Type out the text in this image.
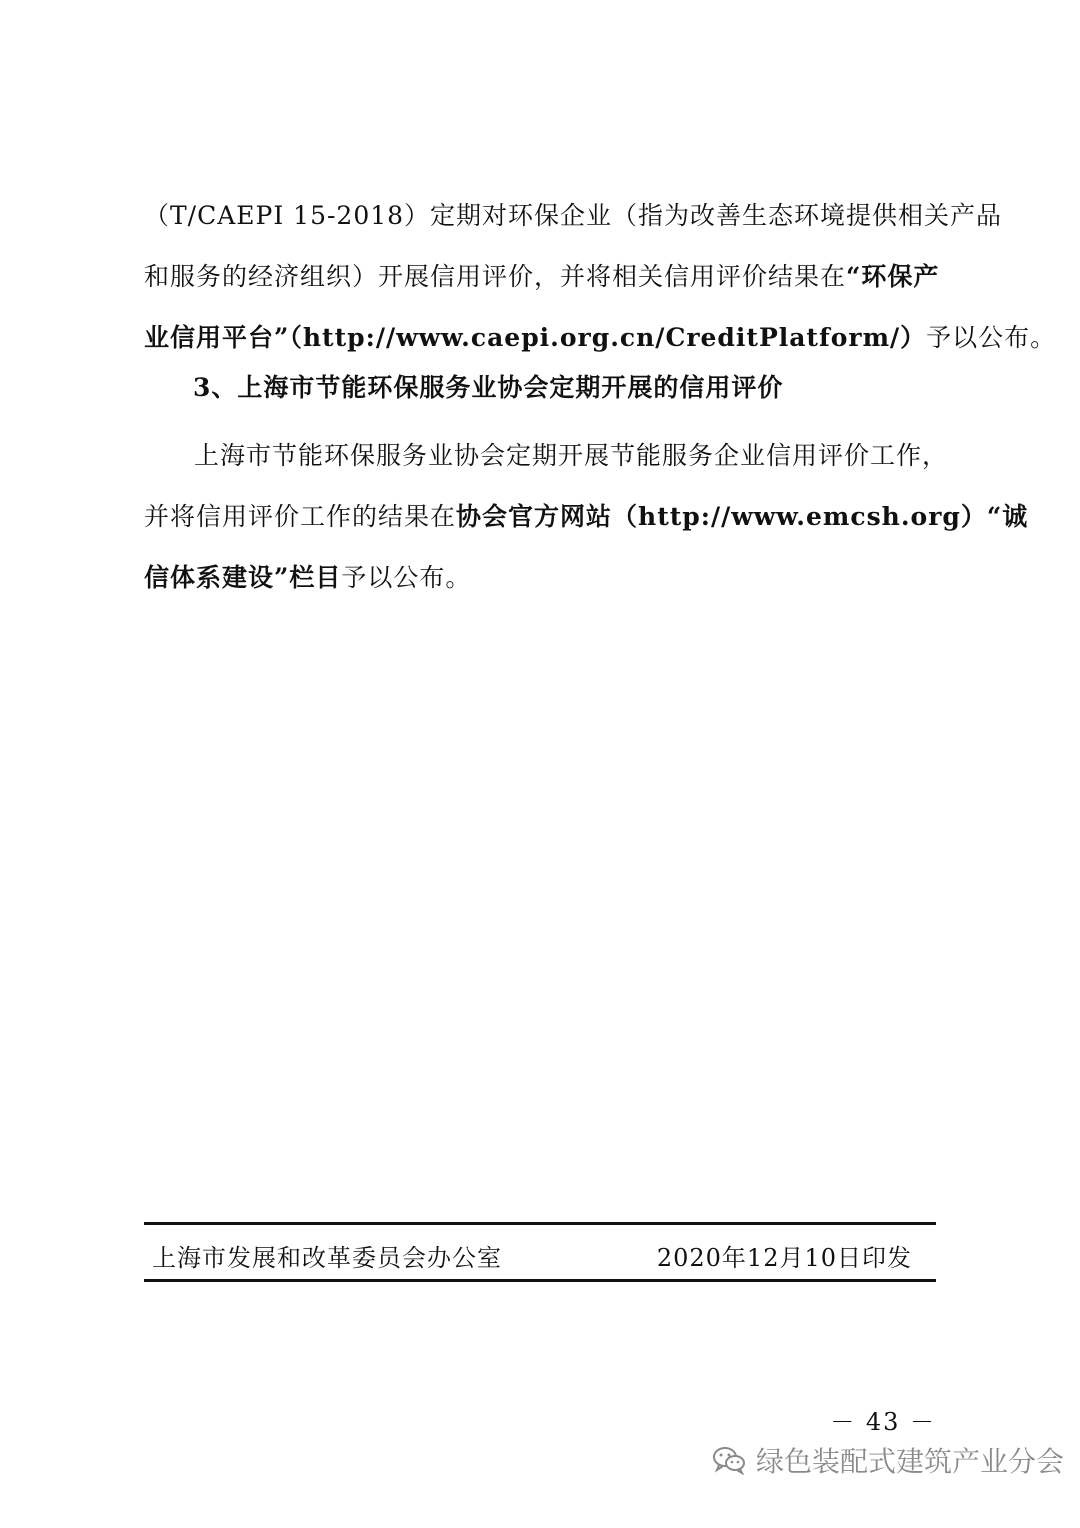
（T/CAEPI 15-2018）定期对环保企业（指为改善生态环境提供相关产品
和服务的经济组织）开展信用评价，并将相关信用评价结果在“环保产
业信用平台”（http://www.caepi.org.cn/CreditPlatform/）予以公布。
3、上海市节能环保服务业协会定期开展的信用评价
上海市节能环保服务业协会定期开展节能服务企业信用评价工作，
并将信用评价工作的结果在协会官方网站（http://www.emcsh.org）“诚
信体系建设”栏目予以公布。
上海市发展和改革委员会办公室	2020年12月10日印发
－ 43 －
绿色装配式建筑产业分会
